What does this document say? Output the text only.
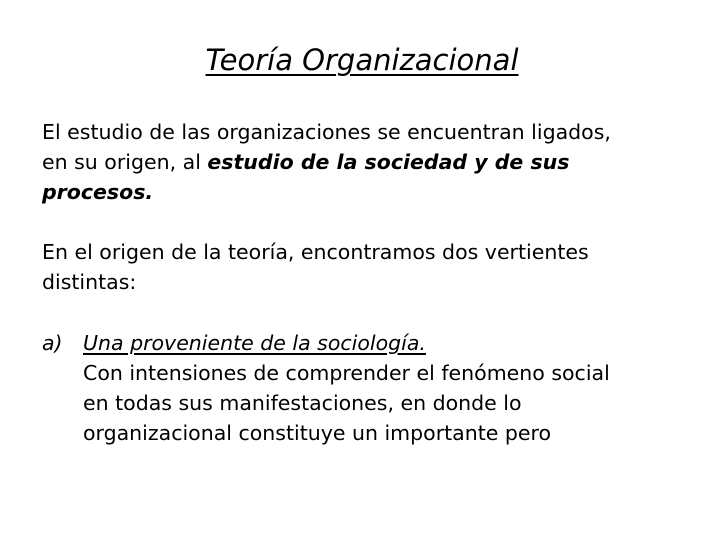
Teoría Organizacional

El estudio de las organizaciones se encuentran ligados,
en su origen, al estudio de la sociedad y de sus
procesos.

En el origen de la teoría, encontramos dos vertientes
distintas:

a) Una proveniente de la sociología.
Con intensiones de comprender el fenómeno social
en todas sus manifestaciones, en donde lo
organizacional constituye un importante pero
